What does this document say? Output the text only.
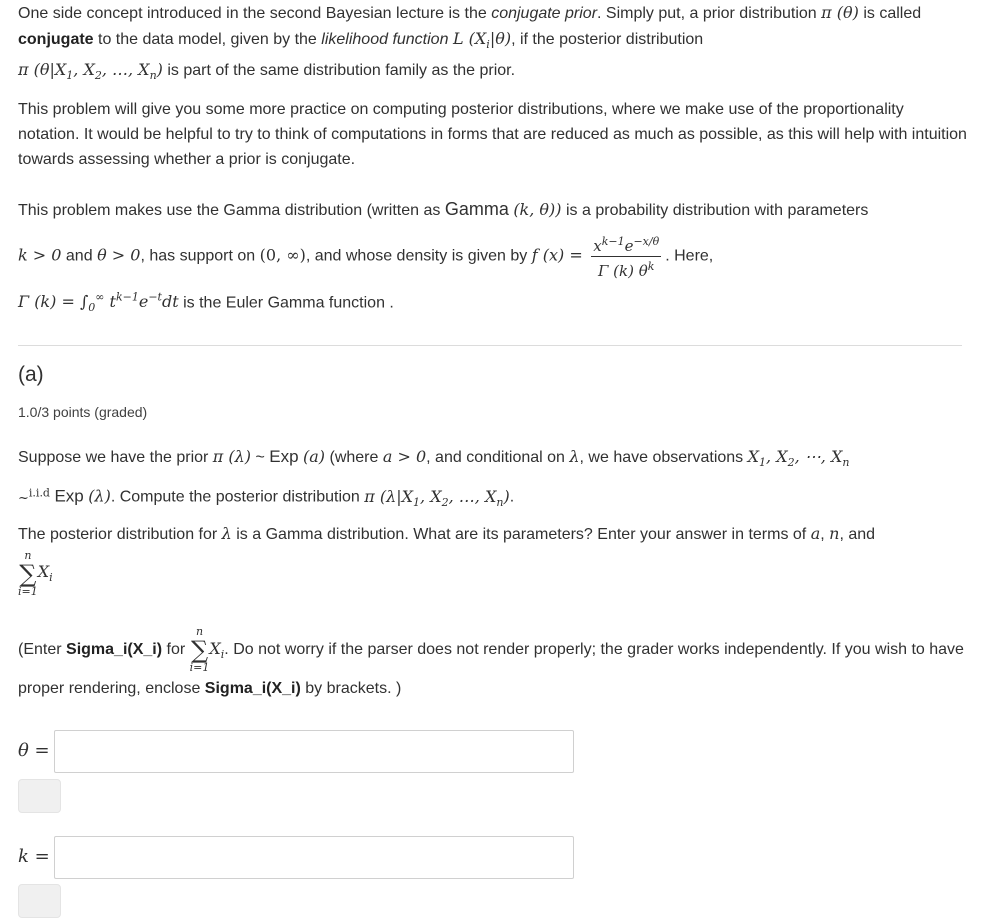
One side concept introduced in the second Bayesian lecture is the conjugate prior. Simply put, a prior distribution π (θ) is called conjugate to the data model, given by the likelihood function L $(X_i|\theta)$, if the posterior distribution
π ($\theta|X_1$, $X_2$, …, $X_n$) is part of the same distribution family as the prior.
This problem will give you some more practice on computing posterior distributions, where we make use of the proportionality notation. It would be helpful to try to think of computations in forms that are reduced as much as possible, as this will help with intuition towards assessing whether a prior is conjugate.
This problem makes use the Gamma distribution (written as Gamma (k, θ)) is a probability distribution with parameters

k > 0 and θ > 0, has support on (0, ∞), and whose density is given by f $(x) = \frac{x^{k-1}e^{-x/\theta}}{\Gamma (k) \theta^k}$ . Here,
Γ $(k) = \int_0^\infty$ $t^{k-1}e^{-t}dt$ is the Euler Gamma function .
(a)
1.0/3 points (graded)
Suppose we have the prior π (λ) ~ Exp (a) (where a > 0, and conditional on λ, we have observations $X_1$, $X_2$, ⋯, $X_n$
~$^{i.i.d}$ Exp (λ). Compute the posterior distribution π ($\lambda|X_1$, $X_2$, …, $X_n$).
The posterior distribution for λ is a Gamma distribution. What are its parameters? Enter your answer in terms of a, n, and

n
∑
i=1
$X_i$
(Enter Sigma_i(X_i) for
n
∑
i=1
$X_i$. Do not worry if the parser does not render properly; the grader works independently. If you wish to have proper rendering, enclose Sigma_i(X_i) by brackets. )
θ =
k =
